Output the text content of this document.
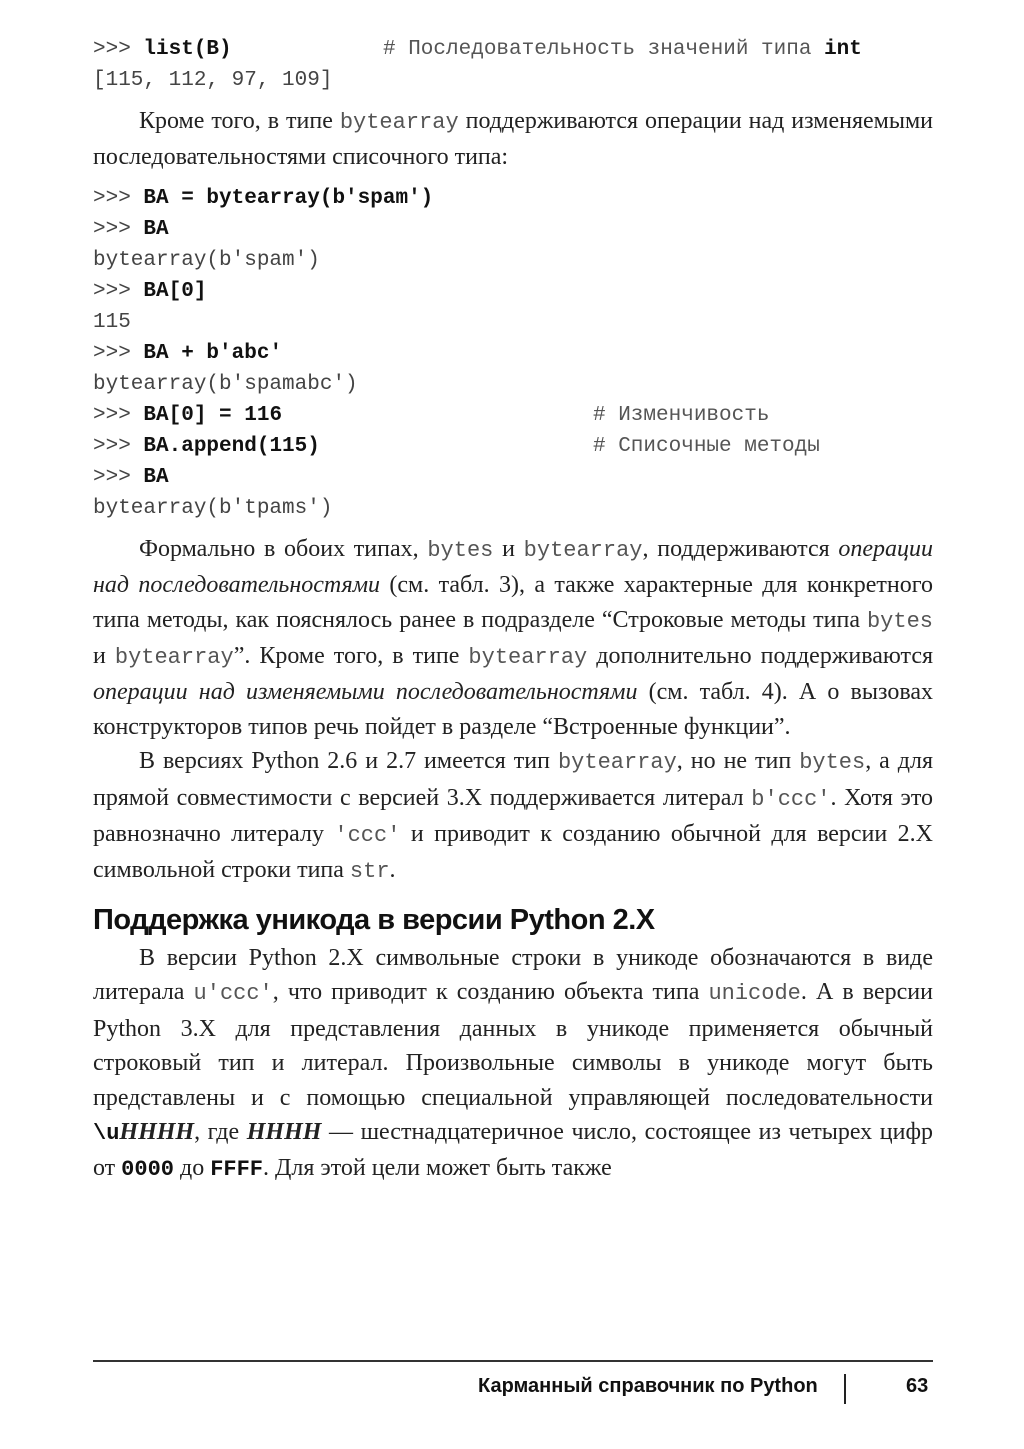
>>> list(B)	# Последовательность значений типа int
[115, 112, 97, 109]

Кроме того, в типе bytearray поддерживаются операции над изменяемыми последовательностями списочного типа:

>>> BA = bytearray(b'spam')
>>> BA
bytearray(b'spam')
>>> BA[0]
115
>>> BA + b'abc'
bytearray(b'spamabc')
>>> BA[0] = 116	# Изменчивость
>>> BA.append(115)	# Списочные методы
>>> BA
bytearray(b'tpams')

Формально в обоих типах, bytes и bytearray, поддерживаются операции над последовательностями (см. табл. 3), а также характерные для конкретного типа методы, как пояснялось ранее в подразделе “Строковые методы типа bytes и bytearray”. Кроме того, в типе bytearray дополнительно поддерживаются операции над изменяемыми последовательностями (см. табл. 4). А о вызовах конструкторов типов речь пойдет в разделе “Встроенные функции”.

В версиях Python 2.6 и 2.7 имеется тип bytearray, но не тип bytes, а для прямой совместимости с версией 3.X поддерживается литерал b'ccc'. Хотя это равнозначно литералу 'ccc' и приводит к созданию обычной для версии 2.X символьной строки типа str.

Поддержка уникода в версии Python 2.X

В версии Python 2.X символьные строки в уникоде обозначаются в виде литерала u'ccc', что приводит к созданию объекта типа unicode. А в версии Python 3.X для представления данных в уникоде применяется обычный строковый тип и литерал. Произвольные символы в уникоде могут быть представлены и с помощью специальной управляющей последовательности \uHHHH, где HHHH — шестнадцатеричное число, состоящее из четырех цифр от 0000 до FFFF. Для этой цели может быть также

Карманный справочник по Python	63
